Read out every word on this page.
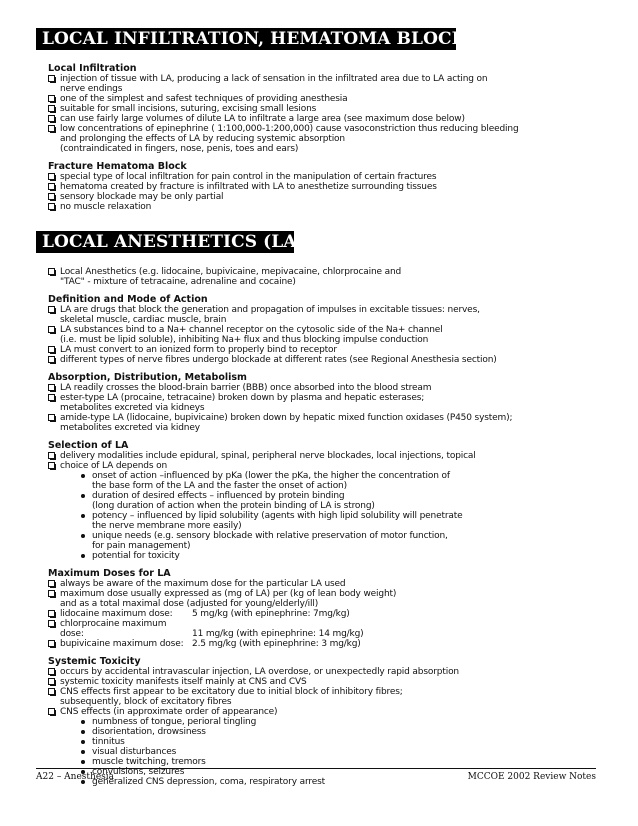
LOCAL INFILTRATION, HEMATOMA BLOCKS
Local Infiltration
injection of tissue with LA, producing a lack of sensation in the infiltrated area due to LA acting on
nerve endings
one of the simplest and safest techniques of providing anesthesia
suitable for small incisions, suturing, excising small lesions
can use fairly large volumes of dilute LA to infiltrate a large area (see maximum dose below)
low concentrations of epinephrine ( 1:100,000-1:200,000) cause vasoconstriction thus reducing bleeding
and prolonging the effects of LA by reducing systemic absorption
(contraindicated in fingers, nose, penis, toes and ears)
Fracture Hematoma Block
special type of local infiltration for pain control in the manipulation of certain fractures
hematoma created by fracture is infiltrated with LA to anesthetize surrounding tissues
sensory blockade may be only partial
no muscle relaxation
LOCAL ANESTHETICS (LA)
Local Anesthetics (e.g. lidocaine, bupivicaine, mepivacaine, chlorprocaine and
"TAC" - mixture of tetracaine, adrenaline and cocaine)
Definition and Mode of Action
LA are drugs that block the generation and propagation of impulses in excitable tissues: nerves,
skeletal muscle, cardiac muscle, brain
LA substances bind to a Na+ channel receptor on the cytosolic side of the Na+ channel
(i.e. must be lipid soluble), inhibiting Na+ flux and thus blocking impulse conduction
LA must convert to an ionized form to properly bind to receptor
different types of nerve fibres undergo blockade at different rates (see Regional Anesthesia section)
Absorption, Distribution, Metabolism
LA readily crosses the blood-brain barrier (BBB) once absorbed into the blood stream
ester-type LA (procaine, tetracaine) broken down by plasma and hepatic esterases;
metabolites excreted via kidneys
amide-type LA (lidocaine, bupivicaine) broken down by hepatic mixed function oxidases (P450 system);
metabolites excreted via kidney
Selection of LA
delivery modalities include epidural, spinal, peripheral nerve blockades, local injections, topical
choice of LA depends on
onset of action –influenced by pKa (lower the pKa, the higher the concentration of
the base form of the LA and the faster the onset of action)
duration of desired effects – influenced by protein binding
(long duration of action when the protein binding of LA is strong)
potency – influenced by lipid solubility (agents with high lipid solubility will penetrate
the nerve membrane more easily)
unique needs (e.g. sensory blockade with relative preservation of motor function,
for pain management)
potential for toxicity
Maximum Doses for LA
always be aware of the maximum dose for the particular LA used
maximum dose usually expressed as (mg of LA) per (kg of lean body weight)
and as a total maximal dose (adjusted for young/elderly/ill)
lidocaine maximum dose: 5 mg/kg (with epinephrine: 7mg/kg)
chlorprocaine maximum dose:	11 mg/kg (with epinephrine: 14 mg/kg)
bupivicaine maximum dose: 2.5 mg/kg (with epinephrine: 3 mg/kg)
Systemic Toxicity
occurs by accidental intravascular injection, LA overdose, or unexpectedly rapid absorption
systemic toxicity manifests itself mainly at CNS and CVS
CNS effects first appear to be excitatory due to initial block of inhibitory fibres;
subsequently, block of excitatory fibres
CNS effects (in approximate order of appearance)
numbness of tongue, perioral tingling
disorientation, drowsiness
tinnitus
visual disturbances
muscle twitching, tremors
convulsions, seizures
generalized CNS depression, coma, respiratory arrest
A22 – Anesthesia	MCCOE 2002 Review Notes
